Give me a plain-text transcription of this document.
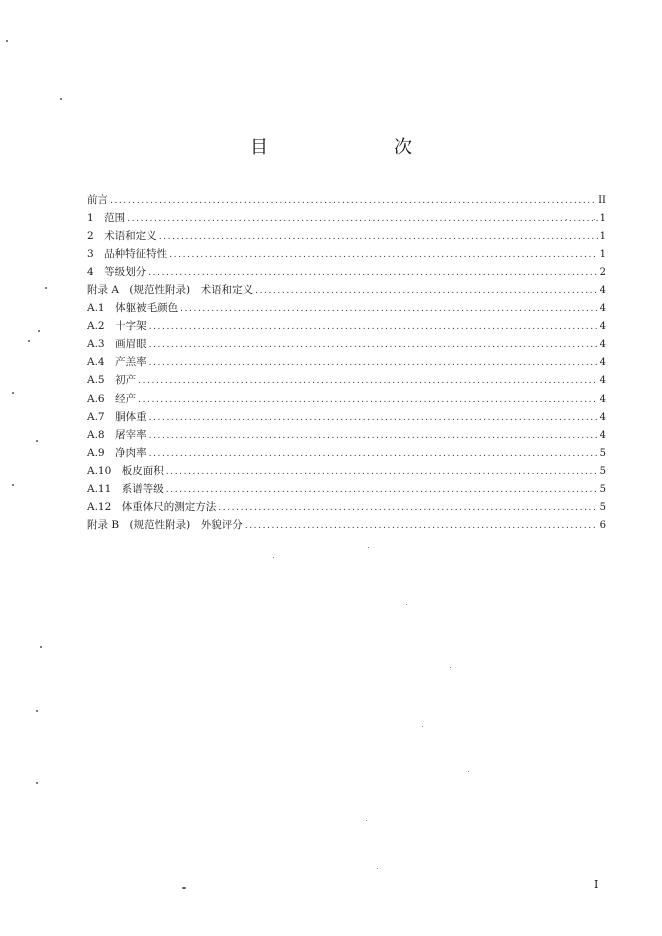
目　　次
前言 .....	II
1　范围 .....	1
2　术语和定义 .....	1
3　品种特征特性 .....	1
4　等级划分 .....	2
附录 A　(规范性附录)　术语和定义 .....	4
A.1　体躯被毛颜色 .....	4
A.2　十字架 .....	4
A.3　画眉眼 .....	4
A.4　产羔率 .....	4
A.5　初产 .....	4
A.6　经产 .....	4
A.7　胴体重 .....	4
A.8　屠宰率 .....	4
A.9　净肉率 .....	5
A.10　板皮面积 .....	5
A.11　系谱等级 .....	5
A.12　体重体尺的测定方法 .....	5
附录 B　(规范性附录)　外貌评分 .....	6
I
